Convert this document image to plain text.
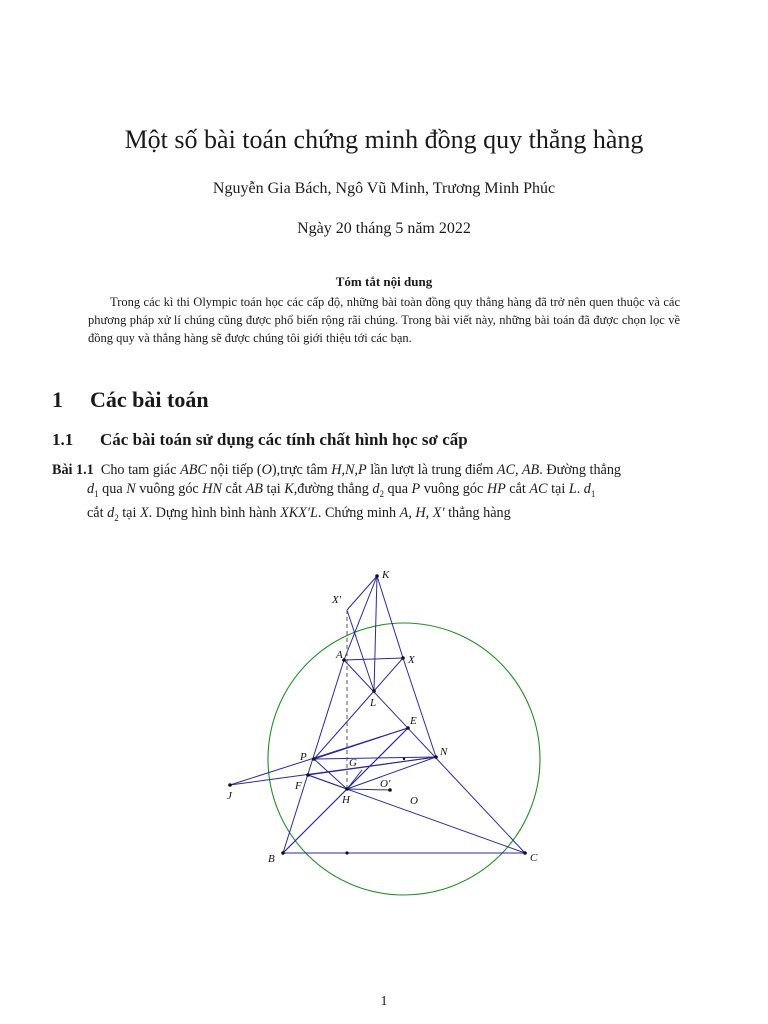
Một số bài toán chứng minh đồng quy thẳng hàng
Nguyễn Gia Bách, Ngô Vũ Minh, Trương Minh Phúc
Ngày 20 tháng 5 năm 2022
Tóm tắt nội dung
Trong các kì thi Olympic toán học các cấp độ, những bài toàn đồng quy thẳng hàng đã trở nên quen thuộc và các phương pháp xử lí chúng cũng được phổ biến rộng rãi chúng. Trong bài viết này, những bài toán đã được chọn lọc về đồng quy và thẳng hàng sẽ được chúng tôi giới thiệu tới các bạn.
1 Các bài toán
1.1 Các bài toán sử dụng các tính chất hình học sơ cấp
Bài 1.1 Cho tam giác ABC nội tiếp (O),trực tâm H,N,P lần lượt là trung điểm AC, AB. Đường thẳng
$d_1$ qua N vuông góc HN cắt AB tại K,đường thẳng $d_2$ qua P vuông góc HP cắt AC tại L. $d_1$
cắt $d_2$ tại X. Dựng hình bình hành XKX′L. Chứng minh A, H, X′ thẳng hàng
K
X'
A	X
L
E
N
P	G
F	O'
H	O
J
B	C
1
